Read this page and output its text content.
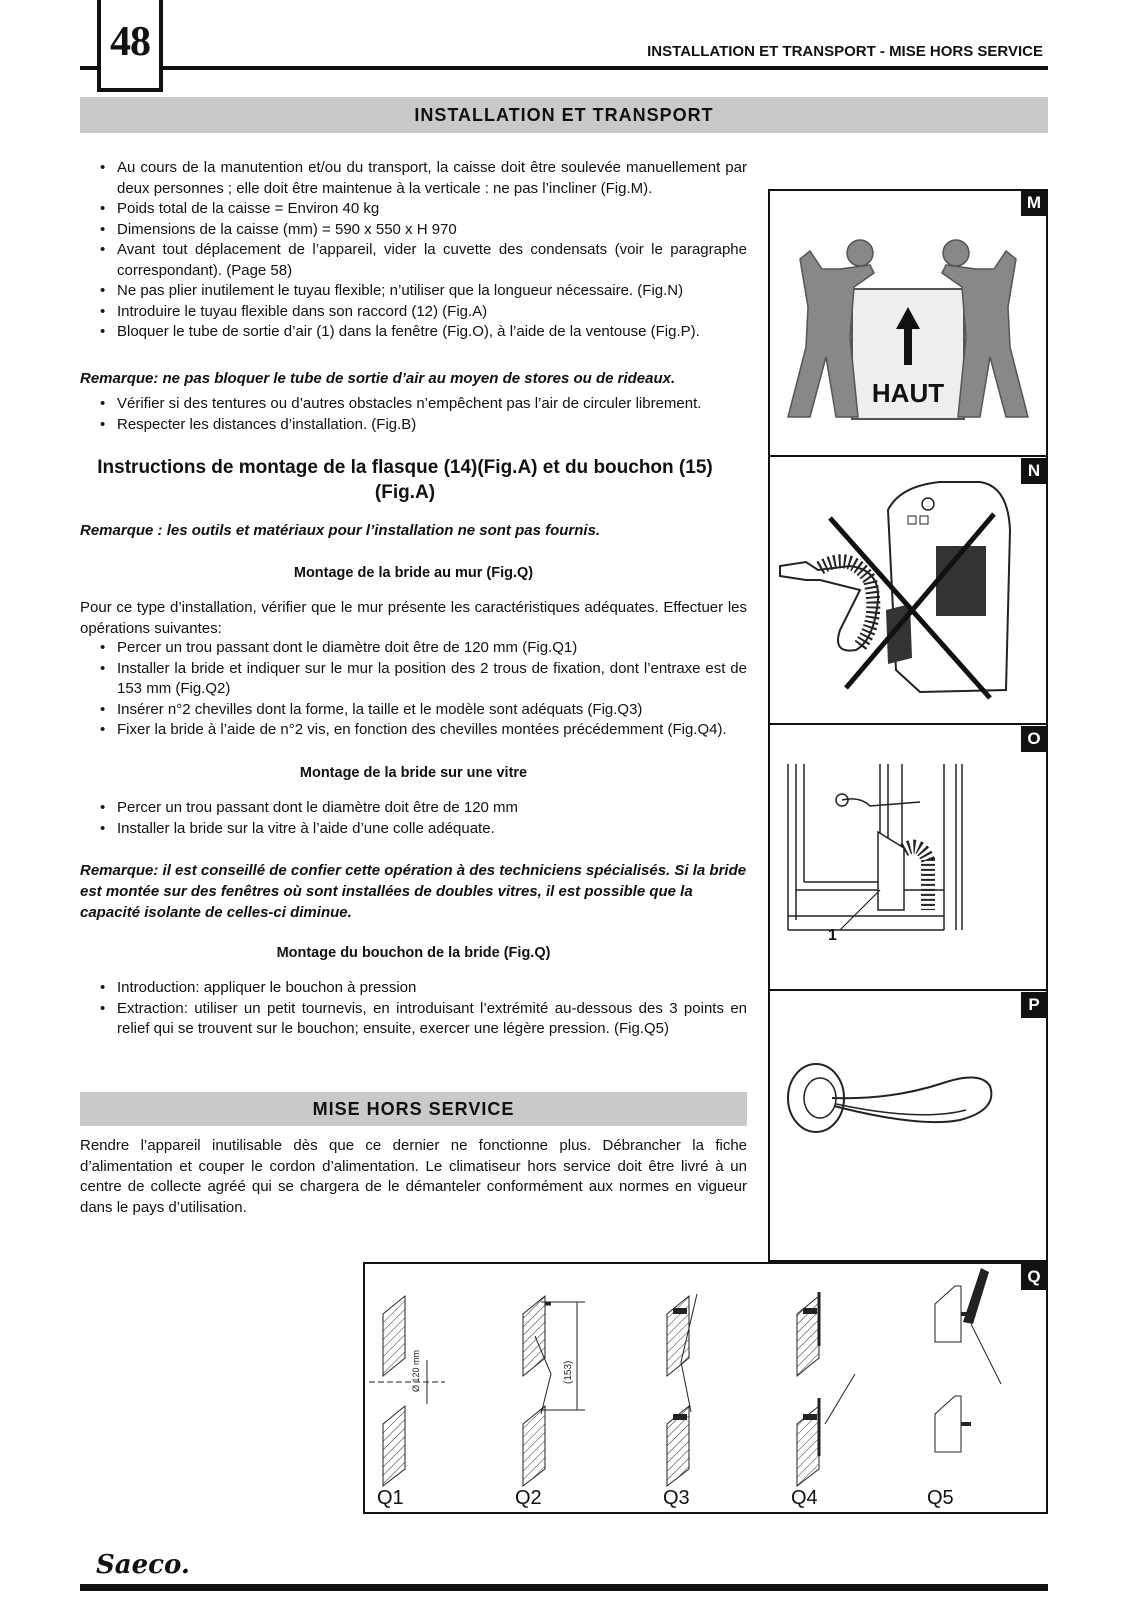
48	INSTALLATION ET TRANSPORT - MISE HORS SERVICE
INSTALLATION ET TRANSPORT
• Au cours de la manutention et/ou du transport, la caisse doit être soulevée manuellement par deux personnes ; elle doit être maintenue à la verticale : ne pas l’incliner (Fig.M).
• Poids total de la caisse = Environ 40 kg
• Dimensions de la caisse (mm) = 590 x 550 x H 970
• Avant tout déplacement de l’appareil, vider la cuvette des condensats (voir le paragraphe correspondant). (Page 58)
• Ne pas plier inutilement le tuyau flexible; n’utiliser que la longueur nécessaire. (Fig.N)
• Introduire le tuyau flexible dans son raccord (12) (Fig.A)
• Bloquer le tube de sortie d’air (1) dans la fenêtre (Fig.O), à l’aide de la ventouse (Fig.P).
Remarque: ne pas bloquer le tube de sortie d’air au moyen de stores ou de rideaux.
• Vérifier si des tentures ou d’autres obstacles n’empêchent pas l’air de circuler librement.
• Respecter les distances d’installation. (Fig.B)
Instructions de montage de la flasque (14)(Fig.A) et du bouchon (15) (Fig.A)
Remarque : les outils et matériaux pour l’installation ne sont pas fournis.
Montage de la bride au mur (Fig.Q)
Pour ce type d’installation, vérifier que le mur présente les caractéristiques adéquates. Effectuer les opérations suivantes:
• Percer un trou passant dont le diamètre doit être de 120 mm (Fig.Q1)
• Installer la bride et indiquer sur le mur la position des 2 trous de fixation, dont l’entraxe est de 153 mm (Fig.Q2)
• Insérer n°2 chevilles dont la forme, la taille et le modèle sont adéquats (Fig.Q3)
• Fixer la bride à l’aide de n°2 vis, en fonction des chevilles montées précédemment (Fig.Q4).
Montage de la bride sur une vitre
• Percer un trou passant dont le diamètre doit être de 120 mm
• Installer la bride sur la vitre à l’aide d’une colle adéquate.
Remarque: il est conseillé de confier cette opération à des techniciens spécialisés. Si la bride est montée sur des fenêtres où sont installées de doubles vitres, il est possible que la capacité isolante de celles-ci diminue.
Montage du bouchon de la bride (Fig.Q)
• Introduction: appliquer le bouchon à pression
• Extraction: utiliser un petit tournevis, en introduisant l’extrémité au-dessous des 3 points en relief qui se trouvent sur le bouchon; ensuite, exercer une légère pression. (Fig.Q5)
MISE HORS SERVICE
Rendre l’appareil inutilisable dès que ce dernier ne fonctionne plus. Débrancher la fiche d’alimentation et couper le cordon d’alimentation. Le climatiseur hors service doit être livré à un centre de collecte agréé qui se chargera de le démanteler conformément aux normes en vigueur dans le pays d’utilisation.
M
HAUT
N
O
1
P
Q
Ø 120 mm	(153)
Q1	Q2	Q3	Q4	Q5
Saeco.
